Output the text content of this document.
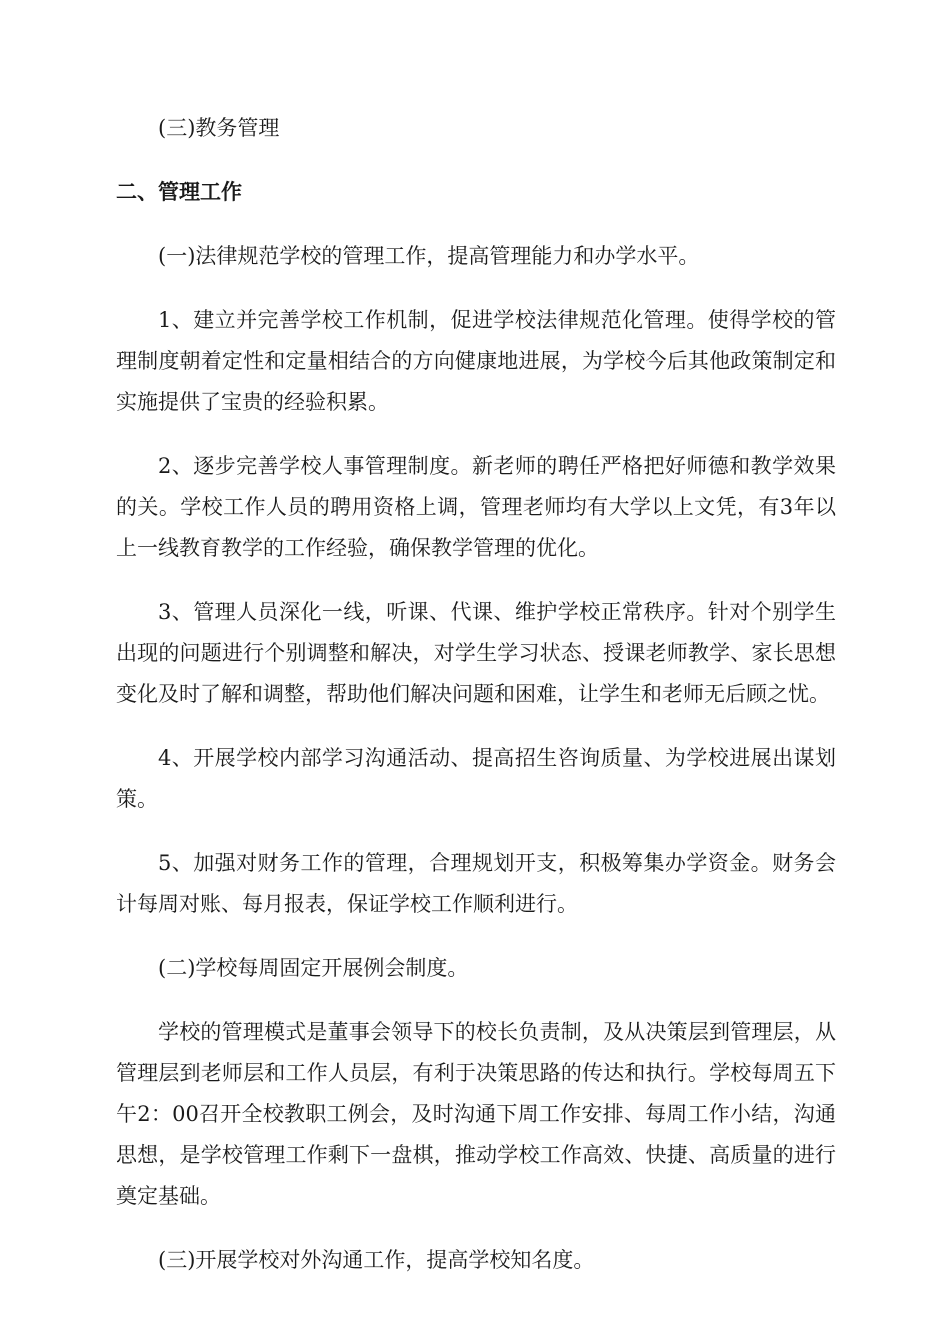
(三)教务管理

二、管理工作

(一)法律规范学校的管理工作，提高管理能力和办学水平。

1、建立并完善学校工作机制，促进学校法律规范化管理。使得学校的管理制度朝着定性和定量相结合的方向健康地进展，为学校今后其他政策制定和实施提供了宝贵的经验积累。

2、逐步完善学校人事管理制度。新老师的聘任严格把好师德和教学效果的关。学校工作人员的聘用资格上调，管理老师均有大学以上文凭，有3年以上一线教育教学的工作经验，确保教学管理的优化。

3、管理人员深化一线，听课、代课、维护学校正常秩序。针对个别学生出现的问题进行个别调整和解决，对学生学习状态、授课老师教学、家长思想变化及时了解和调整，帮助他们解决问题和困难，让学生和老师无后顾之忧。

4、开展学校内部学习沟通活动、提高招生咨询质量、为学校进展出谋划策。

5、加强对财务工作的管理，合理规划开支，积极筹集办学资金。财务会计每周对账、每月报表，保证学校工作顺利进行。

(二)学校每周固定开展例会制度。

学校的管理模式是董事会领导下的校长负责制，及从决策层到管理层，从管理层到老师层和工作人员层，有利于决策思路的传达和执行。学校每周五下午2：00召开全校教职工例会，及时沟通下周工作安排、每周工作小结，沟通思想，是学校管理工作剩下一盘棋，推动学校工作高效、快捷、高质量的进行奠定基础。

(三)开展学校对外沟通工作，提高学校知名度。
